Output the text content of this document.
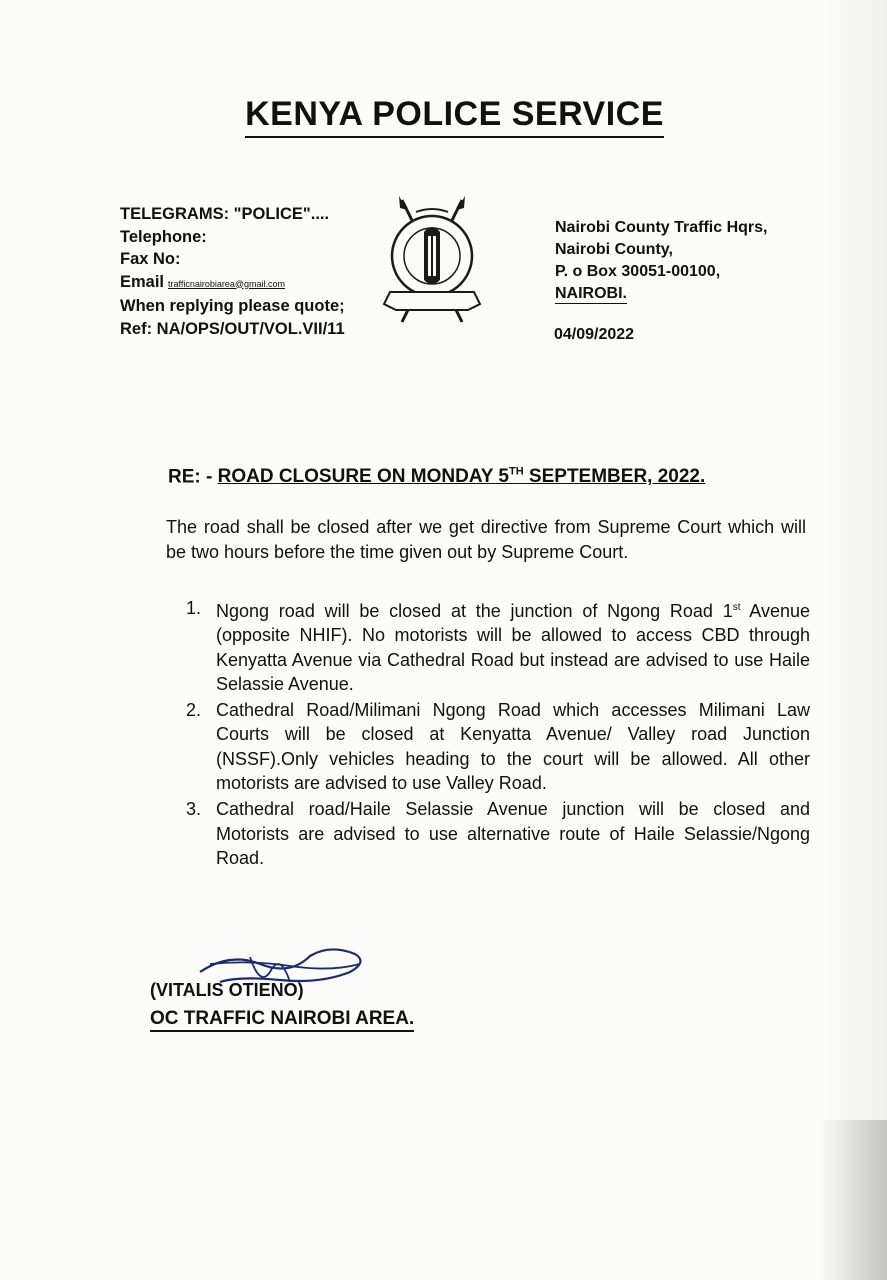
KENYA POLICE SERVICE
TELEGRAMS: "POLICE"....
Telephone:
Fax No:
Email trafficnairobiarea@gmail.com
When replying please quote;
Ref: NA/OPS/OUT/VOL.VII/11
Nairobi County Traffic Hqrs,
Nairobi County,
P. o Box 30051-00100,
NAIROBI.
04/09/2022
RE: - ROAD CLOSURE ON MONDAY 5TH SEPTEMBER, 2022.
The road shall be closed after we get directive from Supreme Court which will be two hours before the time given out by Supreme Court.
1. Ngong road will be closed at the junction of Ngong Road 1st Avenue (opposite NHIF). No motorists will be allowed to access CBD through Kenyatta Avenue via Cathedral Road but instead are advised to use Haile Selassie Avenue.
2. Cathedral Road/Milimani Ngong Road which accesses Milimani Law Courts will be closed at Kenyatta Avenue/ Valley road Junction (NSSF).Only vehicles heading to the court will be allowed. All other motorists are advised to use Valley Road.
3. Cathedral road/Haile Selassie Avenue junction will be closed and Motorists are advised to use alternative route of Haile Selassie/Ngong Road.
(VITALIS OTIENO)
OC TRAFFIC NAIROBI AREA.
